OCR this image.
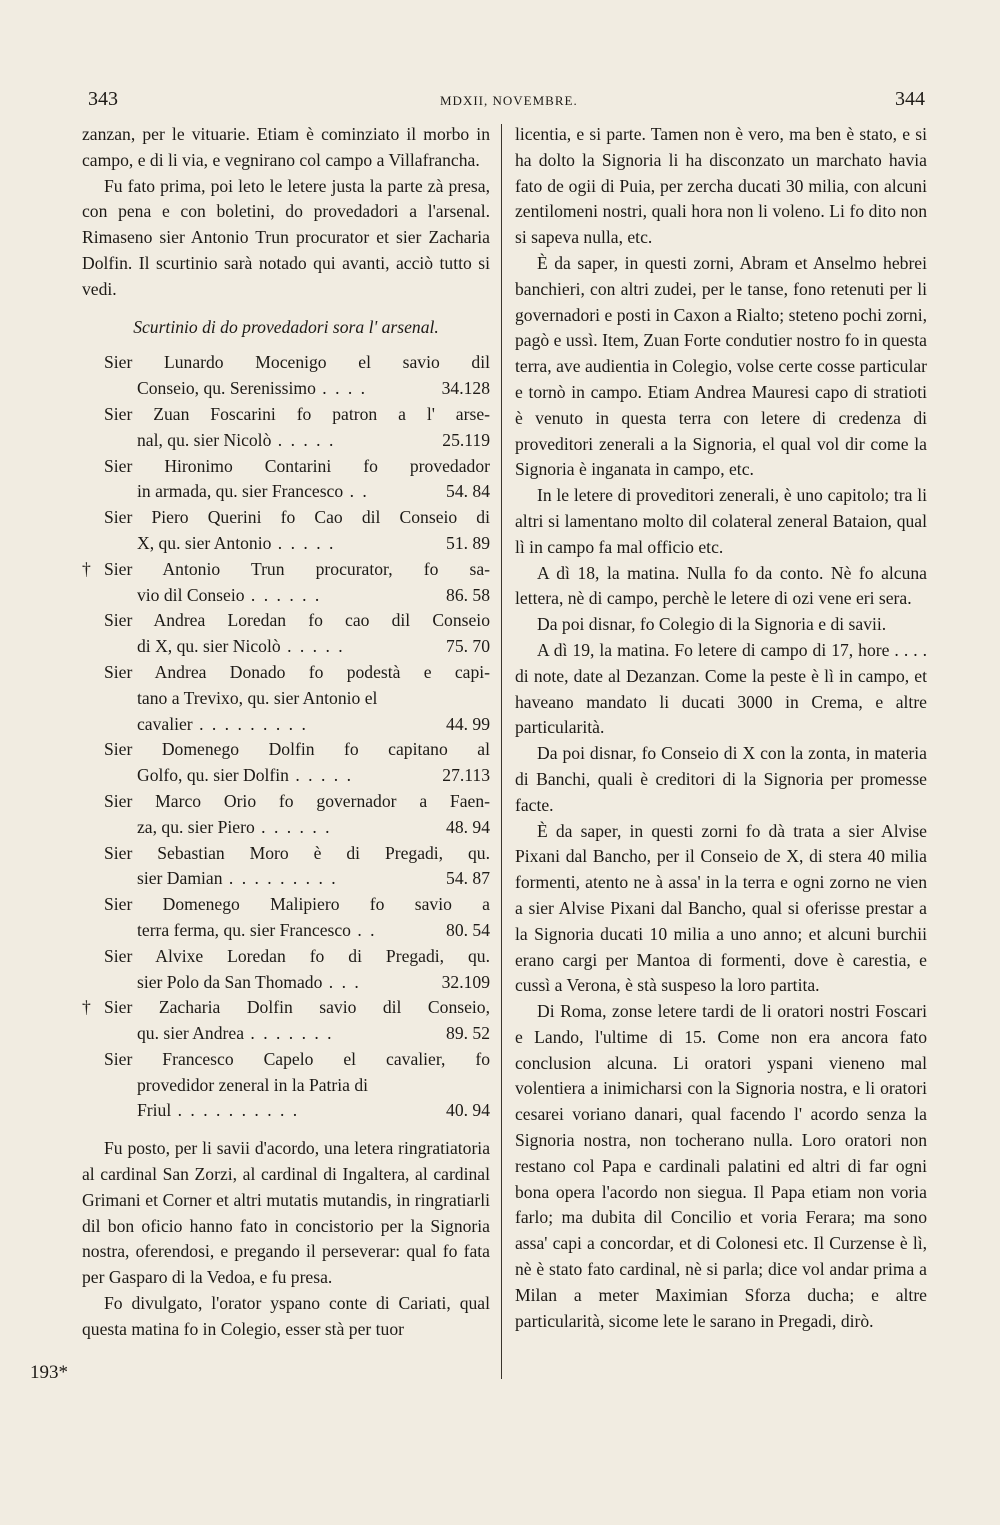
343	MDXII, NOVEMBRE.	344
193*

zanzan, per le vituarie. Etiam è cominziato il morbo in campo, e di li via, e vegnirano col campo a Villafrancha.

Fu fato prima, poi leto le letere justa la parte zà presa, con pena e con boletini, do provedadori a l'arsenal. Rimaseno sier Antonio Trun procurator et sier Zacharia Dolfin. Il scurtinio sarà notado qui avanti, acciò tutto si vedi.

Scurtinio di do provedadori sora l' arsenal.

Sier Lunardo Mocenigo el savio dil
Conseio, qu. Serenissimo . . . .	34.128
Sier Zuan Foscarini fo patron a l' arse-
nal, qu. sier Nicolò . . . . .	25.119
Sier Hironimo Contarini fo provedador
in armada, qu. sier Francesco . .	54. 84
Sier Piero Querini fo Cao dil Conseio di
X, qu. sier Antonio . . . . .	51. 89
† Sier Antonio Trun procurator, fo sa-
vio dil Conseio . . . . . .	86. 58
Sier Andrea Loredan fo cao dil Conseio
di X, qu. sier Nicolò . . . . .	75. 70
Sier Andrea Donado fo podestà e capi-
tano a Trevixo, qu. sier Antonio el
cavalier . . . . . . . . .	44. 99
Sier Domenego Dolfin fo capitano al
Golfo, qu. sier Dolfin . . . . .	27.113
Sier Marco Orio fo governador a Faen-
za, qu. sier Piero . . . . . .	48. 94
Sier Sebastian Moro è di Pregadi, qu.
sier Damian . . . . . . . . .	54. 87
Sier Domenego Malipiero fo savio a
terra ferma, qu. sier Francesco . .	80. 54
Sier Alvixe Loredan fo di Pregadi, qu.
sier Polo da San Thomado . . .	32.109
† Sier Zacharia Dolfin savio dil Conseio,
qu. sier Andrea . . . . . . .	89. 52
Sier Francesco Capelo el cavalier, fo
provedidor zeneral in la Patria di
Friul . . . . . . . . . .	40. 94

Fu posto, per li savii d'acordo, una letera ringratiatoria al cardinal San Zorzi, al cardinal di Ingaltera, al cardinal Grimani et Corner et altri mutatis mutandis, in ringratiarli dil bon oficio hanno fato in concistorio per la Signoria nostra, oferendosi, e pregando il perseverar: qual fo fata per Gasparo di la Vedoa, e fu presa.

Fo divulgato, l'orator yspano conte di Cariati, qual questa matina fo in Colegio, esser stà per tuor

licentia, e si parte. Tamen non è vero, ma ben è stato, e si ha dolto la Signoria li ha disconzato un marchato havia fato de ogii di Puia, per zercha ducati 30 milia, con alcuni zentilomeni nostri, quali hora non li voleno. Li fo dito non si sapeva nulla, etc.

È da saper, in questi zorni, Abram et Anselmo hebrei banchieri, con altri zudei, per le tanse, fono retenuti per li governadori e posti in Caxon a Rialto; steteno pochi zorni, pagò e ussì. Item, Zuan Forte condutier nostro fo in questa terra, ave audientia in Colegio, volse certe cosse particular e tornò in campo. Etiam Andrea Mauresi capo di stratioti è venuto in questa terra con letere di credenza di proveditori zenerali a la Signoria, el qual vol dir come la Signoria è inganata in campo, etc.

In le letere di proveditori zenerali, è uno capitolo; tra li altri si lamentano molto dil colateral zeneral Bataion, qual lì in campo fa mal officio etc.

A dì 18, la matina. Nulla fo da conto. Nè fo alcuna lettera, nè di campo, perchè le letere di ozi vene eri sera.

Da poi disnar, fo Colegio di la Signoria e di savii.

A dì 19, la matina. Fo letere di campo di 17, hore . . . . di note, date al Dezanzan. Come la peste è lì in campo, et haveano mandato li ducati 3000 in Crema, e altre particularità.

Da poi disnar, fo Conseio di X con la zonta, in materia di Banchi, quali è creditori di la Signoria per promesse facte.

È da saper, in questi zorni fo dà trata a sier Alvise Pixani dal Bancho, per il Conseio de X, di stera 40 milia formenti, atento ne à assa' in la terra e ogni zorno ne vien a sier Alvise Pixani dal Bancho, qual si oferisse prestar a la Signoria ducati 10 milia a uno anno; et alcuni burchii erano cargi per Mantoa di formenti, dove è carestia, e cussì a Verona, è stà suspeso la loro partita.

Di Roma, zonse letere tardi de li oratori nostri Foscari e Lando, l'ultime di 15. Come non era ancora fato conclusion alcuna. Li oratori yspani vieneno mal volentiera a inimicharsi con la Signoria nostra, e li oratori cesarei voriano danari, qual facendo l' acordo senza la Signoria nostra, non tocherano nulla. Loro oratori non restano col Papa e cardinali palatini ed altri di far ogni bona opera l'acordo non siegua. Il Papa etiam non voria farlo; ma dubita dil Concilio et voria Ferara; ma sono assa' capi a concordar, et di Colonesi etc. Il Curzense è lì, nè è stato fato cardinal, nè si parla; dice vol andar prima a Milan a meter Maximian Sforza ducha; e altre particularità, sicome lete le sarano in Pregadi, dirò.
